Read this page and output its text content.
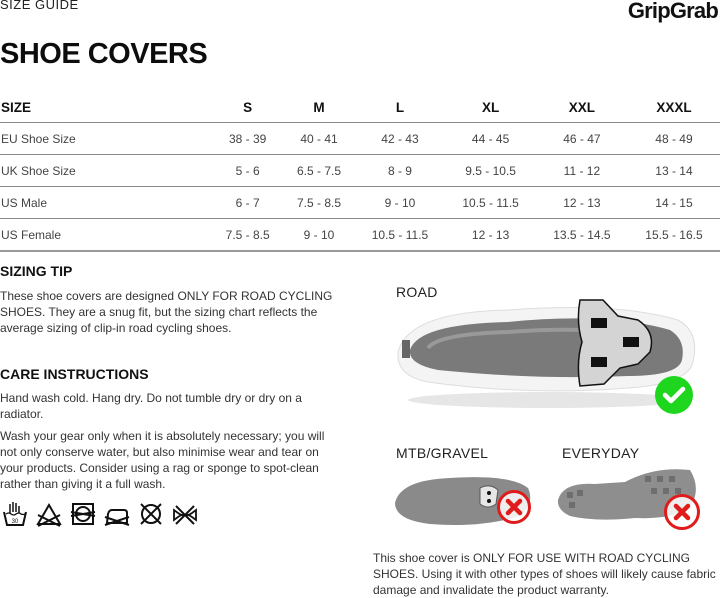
SIZE GUIDE	GripGrab
SHOE COVERS
SIZE	S	M	L	XL	XXL	XXXL
EU Shoe Size	38 - 39	40 - 41	42 - 43	44 - 45	46 - 47	48 - 49
UK Shoe Size	5 - 6	6.5 - 7.5	8 - 9	9.5 - 10.5	11 - 12	13 - 14
US Male	6 - 7	7.5 - 8.5	9 - 10	10.5 - 11.5	12 - 13	14 - 15
US Female	7.5 - 8.5	9 - 10	10.5 - 11.5	12 - 13	13.5 - 14.5	15.5 - 16.5
SIZING TIP
These shoe covers are designed ONLY FOR ROAD CYCLING SHOES. They are a snug fit, but the sizing chart reflects the average sizing of clip-in road cycling shoes.
CARE INSTRUCTIONS
Hand wash cold. Hang dry. Do not tumble dry or dry on a radiator.
Wash your gear only when it is absolutely necessary; you will not only conserve water, but also minimise wear and tear on your products. Consider using a rag or sponge to spot-clean rather than giving it a full wash.
30
ROAD
MTB/GRAVEL	EVERYDAY
This shoe cover is ONLY FOR USE WITH ROAD CYCLING SHOES. Using it with other types of shoes will likely cause fabric damage and invalidate the product warranty.
